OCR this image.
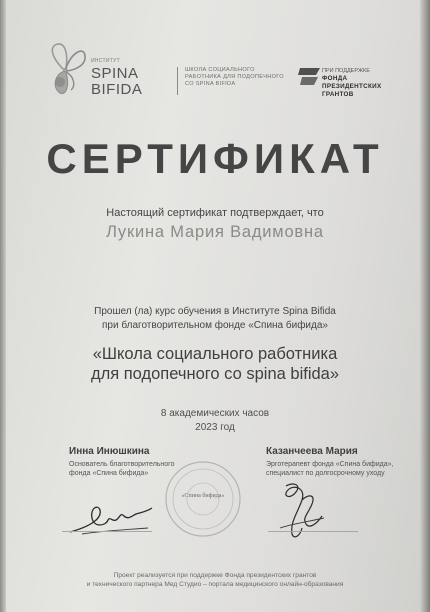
ИНСТИТУТ
SPINA
BIFIDA
ШКОЛА СОЦИАЛЬНОГО
РАБОТНИКА ДЛЯ ПОДОПЕЧНОГО
СО SPINA BIFIDA
ПРИ ПОДДЕРЖКЕ
ФОНДА
ПРЕЗИДЕНТСКИХ
ГРАНТОВ
СЕРТИФИКАТ
Настоящий сертификат подтверждает, что
Лукина Мария Вадимовна
Прошел (ла) курс обучения в Институте Spina Bifida
при благотворительном фонде «Спина бифида»
«Школа социального работника
для подопечного со spina bifida»
8 академических часов
2023 год
Инна Инюшкина
Основатель благотворительного
фонда «Спина бифида»
«Спина бифида»
Казанчеева Мария
Эрготерапевт фонда «Спина бифида»,
специалист по долгосрочному уходу
Проект реализуется при поддержке Фонда президентских грантов
и технического партнера Мед Студио – портала медицинского онлайн-образования
